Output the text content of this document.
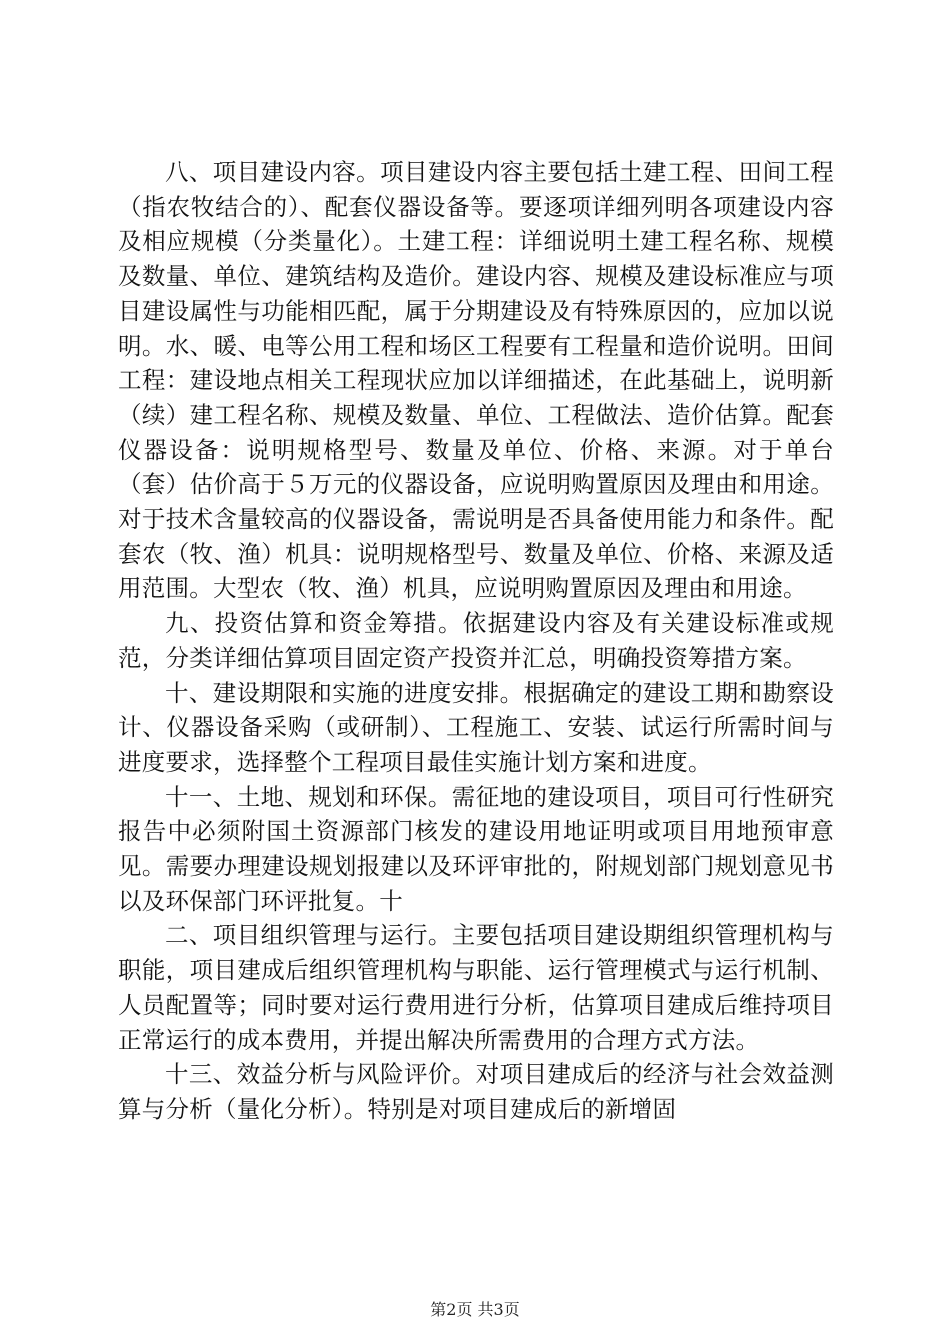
八、项目建设内容。项目建设内容主要包括土建工程、田间工程（指农牧结合的）、配套仪器设备等。要逐项详细列明各项建设内容及相应规模（分类量化）。土建工程：详细说明土建工程名称、规模及数量、单位、建筑结构及造价。建设内容、规模及建设标准应与项目建设属性与功能相匹配，属于分期建设及有特殊原因的，应加以说明。水、暖、电等公用工程和场区工程要有工程量和造价说明。田间工程：建设地点相关工程现状应加以详细描述，在此基础上，说明新（续）建工程名称、规模及数量、单位、工程做法、造价估算。配套仪器设备：说明规格型号、数量及单位、价格、来源。对于单台（套）估价高于５万元的仪器设备，应说明购置原因及理由和用途。对于技术含量较高的仪器设备，需说明是否具备使用能力和条件。配套农（牧、渔）机具：说明规格型号、数量及单位、价格、来源及适用范围。大型农（牧、渔）机具，应说明购置原因及理由和用途。

九、投资估算和资金筹措。依据建设内容及有关建设标准或规范，分类详细估算项目固定资产投资并汇总，明确投资筹措方案。

十、建设期限和实施的进度安排。根据确定的建设工期和勘察设计、仪器设备采购（或研制）、工程施工、安装、试运行所需时间与进度要求，选择整个工程项目最佳实施计划方案和进度。

十一、土地、规划和环保。需征地的建设项目，项目可行性研究报告中必须附国土资源部门核发的建设用地证明或项目用地预审意见。需要办理建设规划报建以及环评审批的，附规划部门规划意见书以及环保部门环评批复。十

二、项目组织管理与运行。主要包括项目建设期组织管理机构与职能，项目建成后组织管理机构与职能、运行管理模式与运行机制、人员配置等；同时要对运行费用进行分析，估算项目建成后维持项目正常运行的成本费用，并提出解决所需费用的合理方式方法。

十三、效益分析与风险评价。对项目建成后的经济与社会效益测算与分析（量化分析）。特别是对项目建成后的新增固

第2页 共3页
